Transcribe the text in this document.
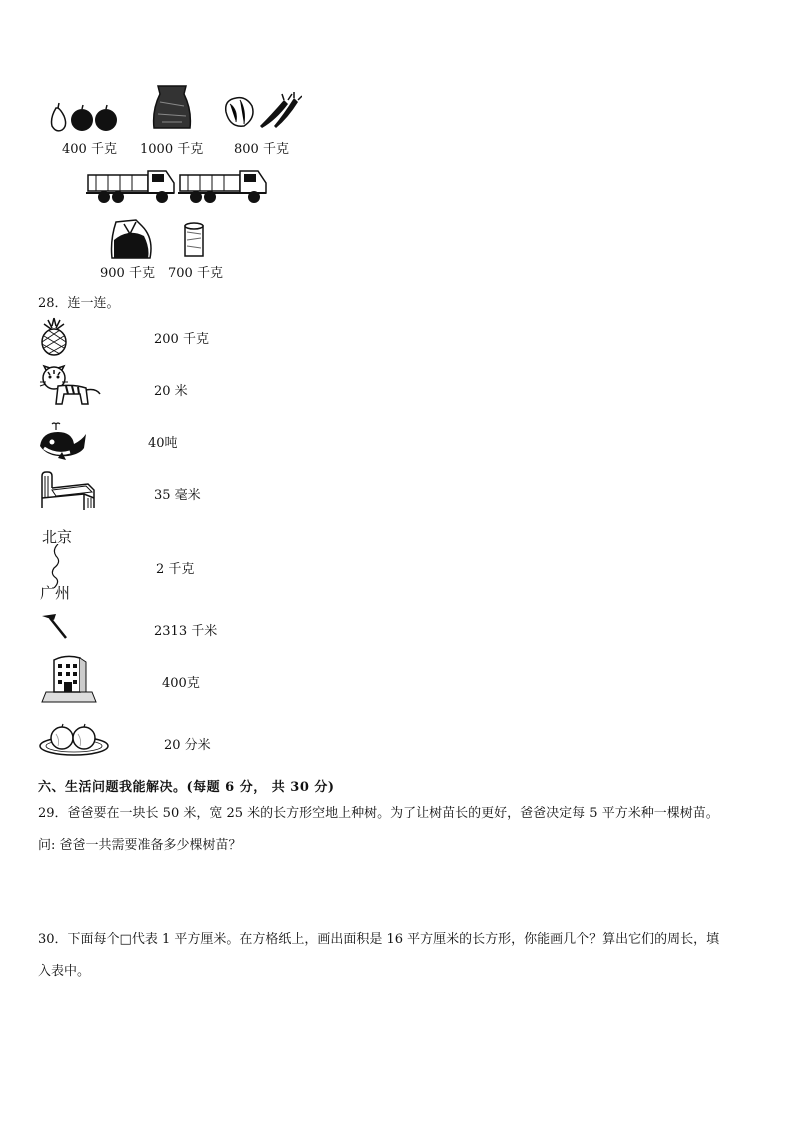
400 千克 1000 千克 800 千克
900 千克 700 千克
28．连一连。
200 千克
20 米
40吨
35 毫米
北京
广州
2 千克
2313 千米
400克
20 分米
六、生活问题我能解决。(每题 6 分， 共 30 分)
29．爸爸要在一块长 50 米，宽 25 米的长方形空地上种树。为了让树苗长的更好，爸爸决定每 5 平方米种一棵树苗。
问: 爸爸一共需要准备多少棵树苗？
30．下面每个□代表 1 平方厘米。在方格纸上，画出面积是 16 平方厘米的长方形，你能画几个？算出它们的周长，填
入表中。
